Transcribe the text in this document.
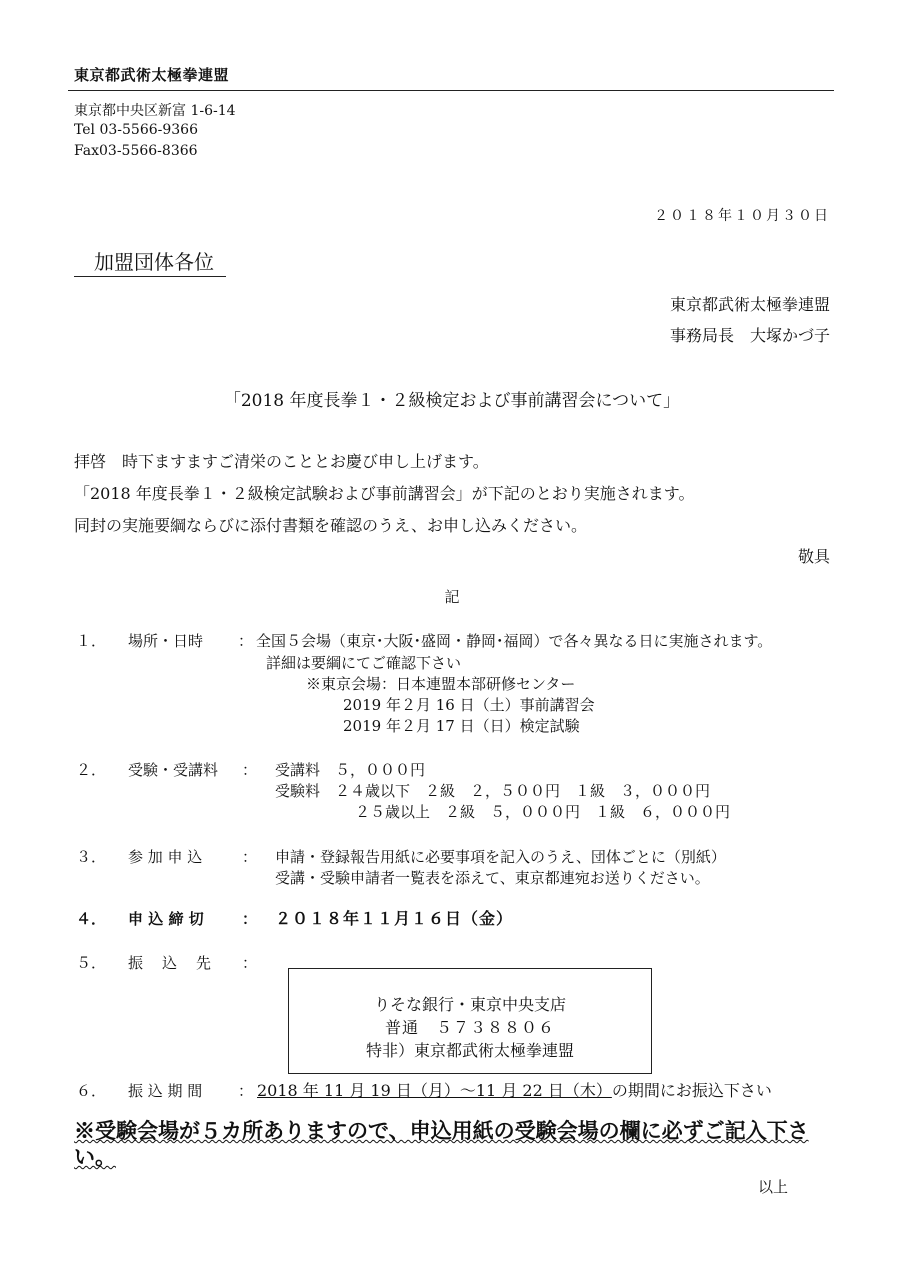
東京都武術太極拳連盟
東京都中央区新富 1-6-14
Tel 03-5566-9366
Fax03-5566-8366
２０１８年１０月３０日
加盟団体各位
東京都武術太極拳連盟
事務局長　大塚かづ子
「2018 年度長拳１・２級検定および事前講習会について」
拝啓　時下ますますご清栄のこととお慶び申し上げます。
「2018 年度長拳１・２級検定試験および事前講習会」が下記のとおり実施されます。
同封の実施要綱ならびに添付書類を確認のうえ、お申し込みください。
敬具
記
１． 場所・日時 ： 全国５会場（東京･大阪･盛岡・静岡･福岡）で各々異なる日に実施されます。
詳細は要綱にてご確認下さい
※東京会場：日本連盟本部研修センター
2019 年２月 16 日（土）事前講習会
2019 年２月 17 日（日）検定試験
２． 受験・受講料 ： 受講料　５，０００円
受験料　２４歳以下　２級　２，５００円　１級　３，０００円
２５歳以上　２級　５，０００円　１級　６，０００円
３． 参 加 申 込	： 申請・登録報告用紙に必要事項を記入のうえ、団体ごとに（別紙）
受講・受験申請者一覧表を添えて、東京都連宛お送りください。
４． 申 込 締 切	： ２０１８年１１月１６日（金）
５． 振　込　先 ：
りそな銀行・東京中央支店
普通　５７３８８０６
特非）東京都武術太極拳連盟
６． 振 込 期 間 ： 2018 年 11 月 19 日（月）～11 月 22 日（木）の期間にお振込下さい
※受験会場が５カ所ありますので、申込用紙の受験会場の欄に必ずご記入下さい。
以上
